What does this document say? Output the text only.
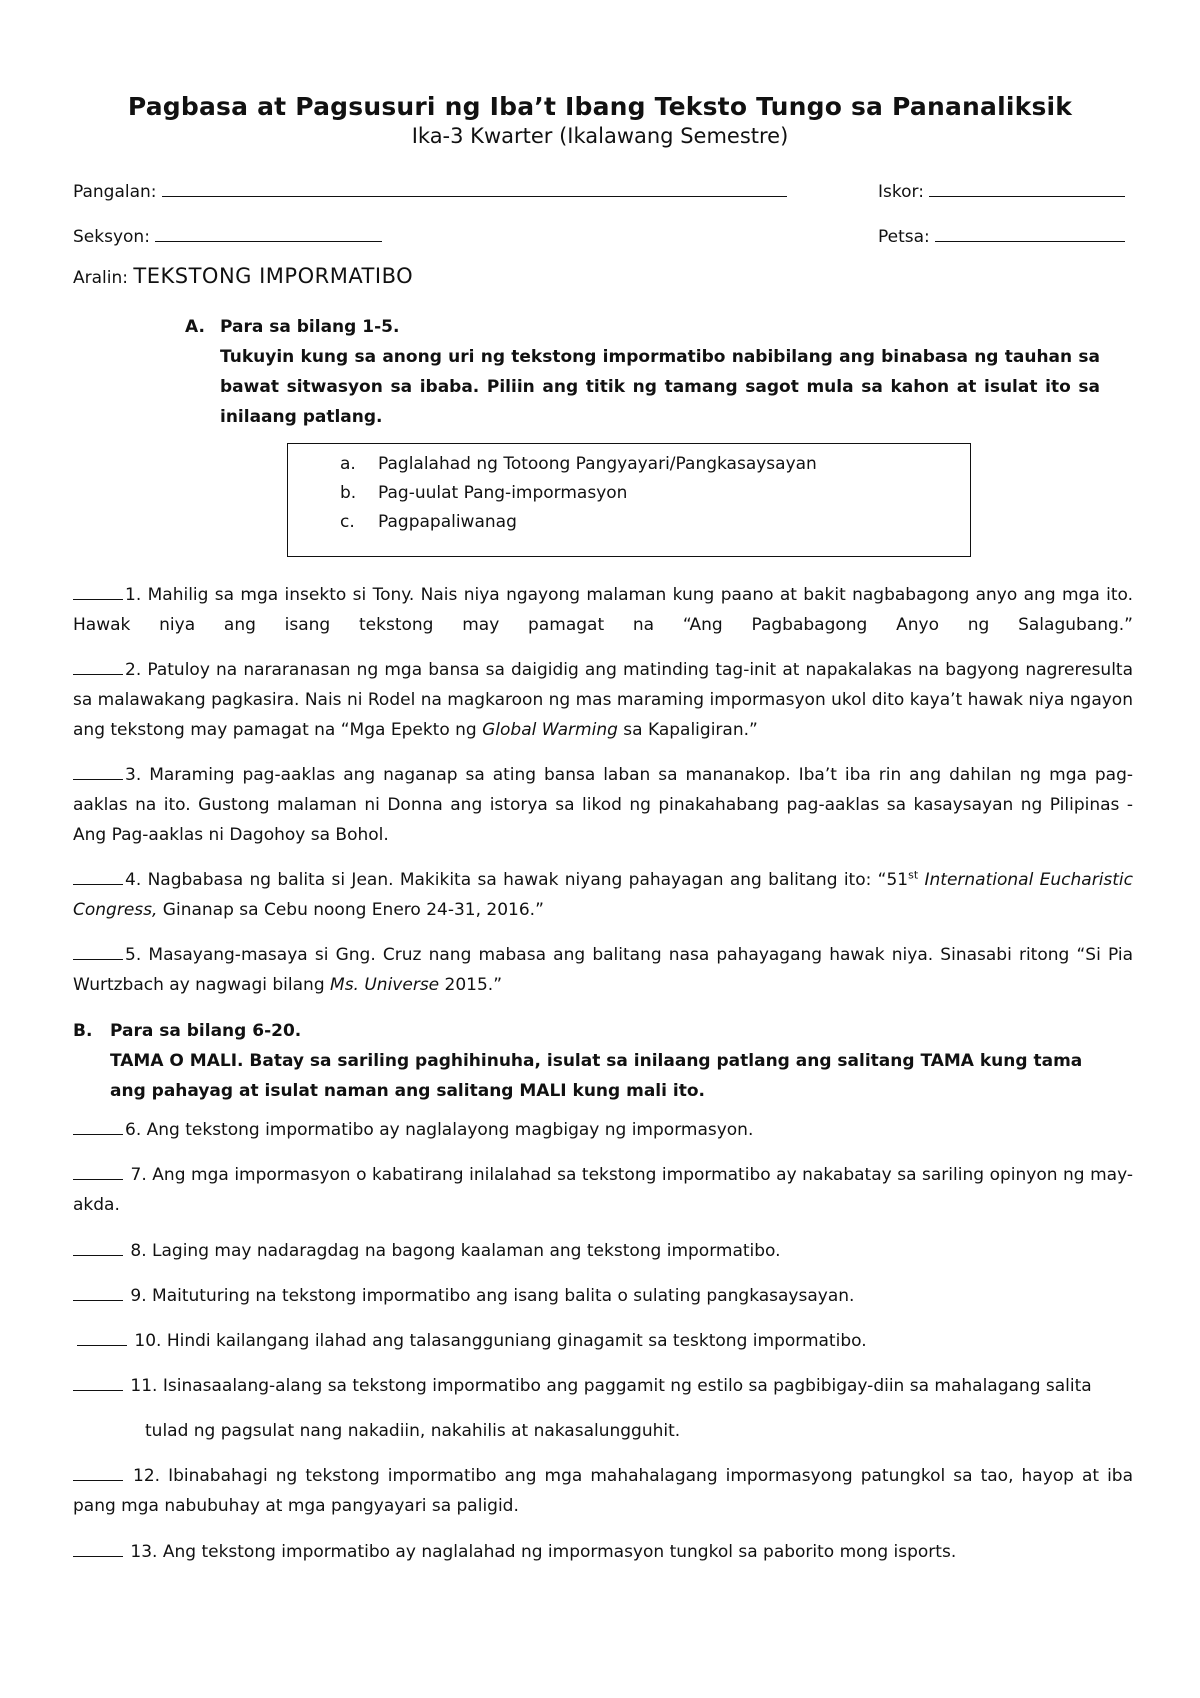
Pagbasa at Pagsusuri ng Iba’t Ibang Teksto Tungo sa Pananaliksik
Ika-3 Kwarter (Ikalawang Semestre)
Pangalan:	Iskor:
Seksyon:	Petsa:
Aralin: TEKSTONG IMPORMATIBO
A. Para sa bilang 1-5.
Tukuyin kung sa anong uri ng tekstong impormatibo nabibilang ang binabasa ng tauhan sa bawat sitwasyon sa ibaba. Piliin ang titik ng tamang sagot mula sa kahon at isulat ito sa inilaang patlang.
a. Paglalahad ng Totoong Pangyayari/Pangkasaysayan
b. Pag-uulat Pang-impormasyon
c. Pagpapaliwanag
1. Mahilig sa mga insekto si Tony. Nais niya ngayong malaman kung paano at bakit nagbabagong anyo ang mga ito. Hawak niya ang isang tekstong may pamagat na “Ang Pagbabagong Anyo ng Salagubang.”
2. Patuloy na nararanasan ng mga bansa sa daigidig ang matinding tag-init at napakalakas na bagyong nagreresulta sa malawakang pagkasira. Nais ni Rodel na magkaroon ng mas maraming impormasyon ukol dito kaya’t hawak niya ngayon ang tekstong may pamagat na “Mga Epekto ng Global Warming sa Kapaligiran.”
3. Maraming pag-aaklas ang naganap sa ating bansa laban sa mananakop. Iba’t iba rin ang dahilan ng mga pag-aaklas na ito. Gustong malaman ni Donna ang istorya sa likod ng pinakahabang pag-aaklas sa kasaysayan ng Pilipinas - Ang Pag-aaklas ni Dagohoy sa Bohol.
4. Nagbabasa ng balita si Jean. Makikita sa hawak niyang pahayagan ang balitang ito: “51st International Eucharistic Congress, Ginanap sa Cebu noong Enero 24-31, 2016.”
5. Masayang-masaya si Gng. Cruz nang mabasa ang balitang nasa pahayagang hawak niya. Sinasabi ritong “Si Pia Wurtzbach ay nagwagi bilang Ms. Universe 2015.”
B. Para sa bilang 6-20.
TAMA O MALI. Batay sa sariling paghihinuha, isulat sa inilaang patlang ang salitang TAMA kung tama ang pahayag at isulat naman ang salitang MALI kung mali ito.
6. Ang tekstong impormatibo ay naglalayong magbigay ng impormasyon.
7. Ang mga impormasyon o kabatirang inilalahad sa tekstong impormatibo ay nakabatay sa sariling opinyon ng may-akda.
8. Laging may nadaragdag na bagong kaalaman ang tekstong impormatibo.
9. Maituturing na tekstong impormatibo ang isang balita o sulating pangkasaysayan.
10. Hindi kailangang ilahad ang talasangguniang ginagamit sa tesktong impormatibo.
11. Isinasaalang-alang sa tekstong impormatibo ang paggamit ng estilo sa pagbibigay-diin sa mahalagang salita
tulad ng pagsulat nang nakadiin, nakahilis at nakasalungguhit.
12. Ibinabahagi ng tekstong impormatibo ang mga mahahalagang impormasyong patungkol sa tao, hayop at iba pang mga nabubuhay at mga pangyayari sa paligid.
13. Ang tekstong impormatibo ay naglalahad ng impormasyon tungkol sa paborito mong isports.
